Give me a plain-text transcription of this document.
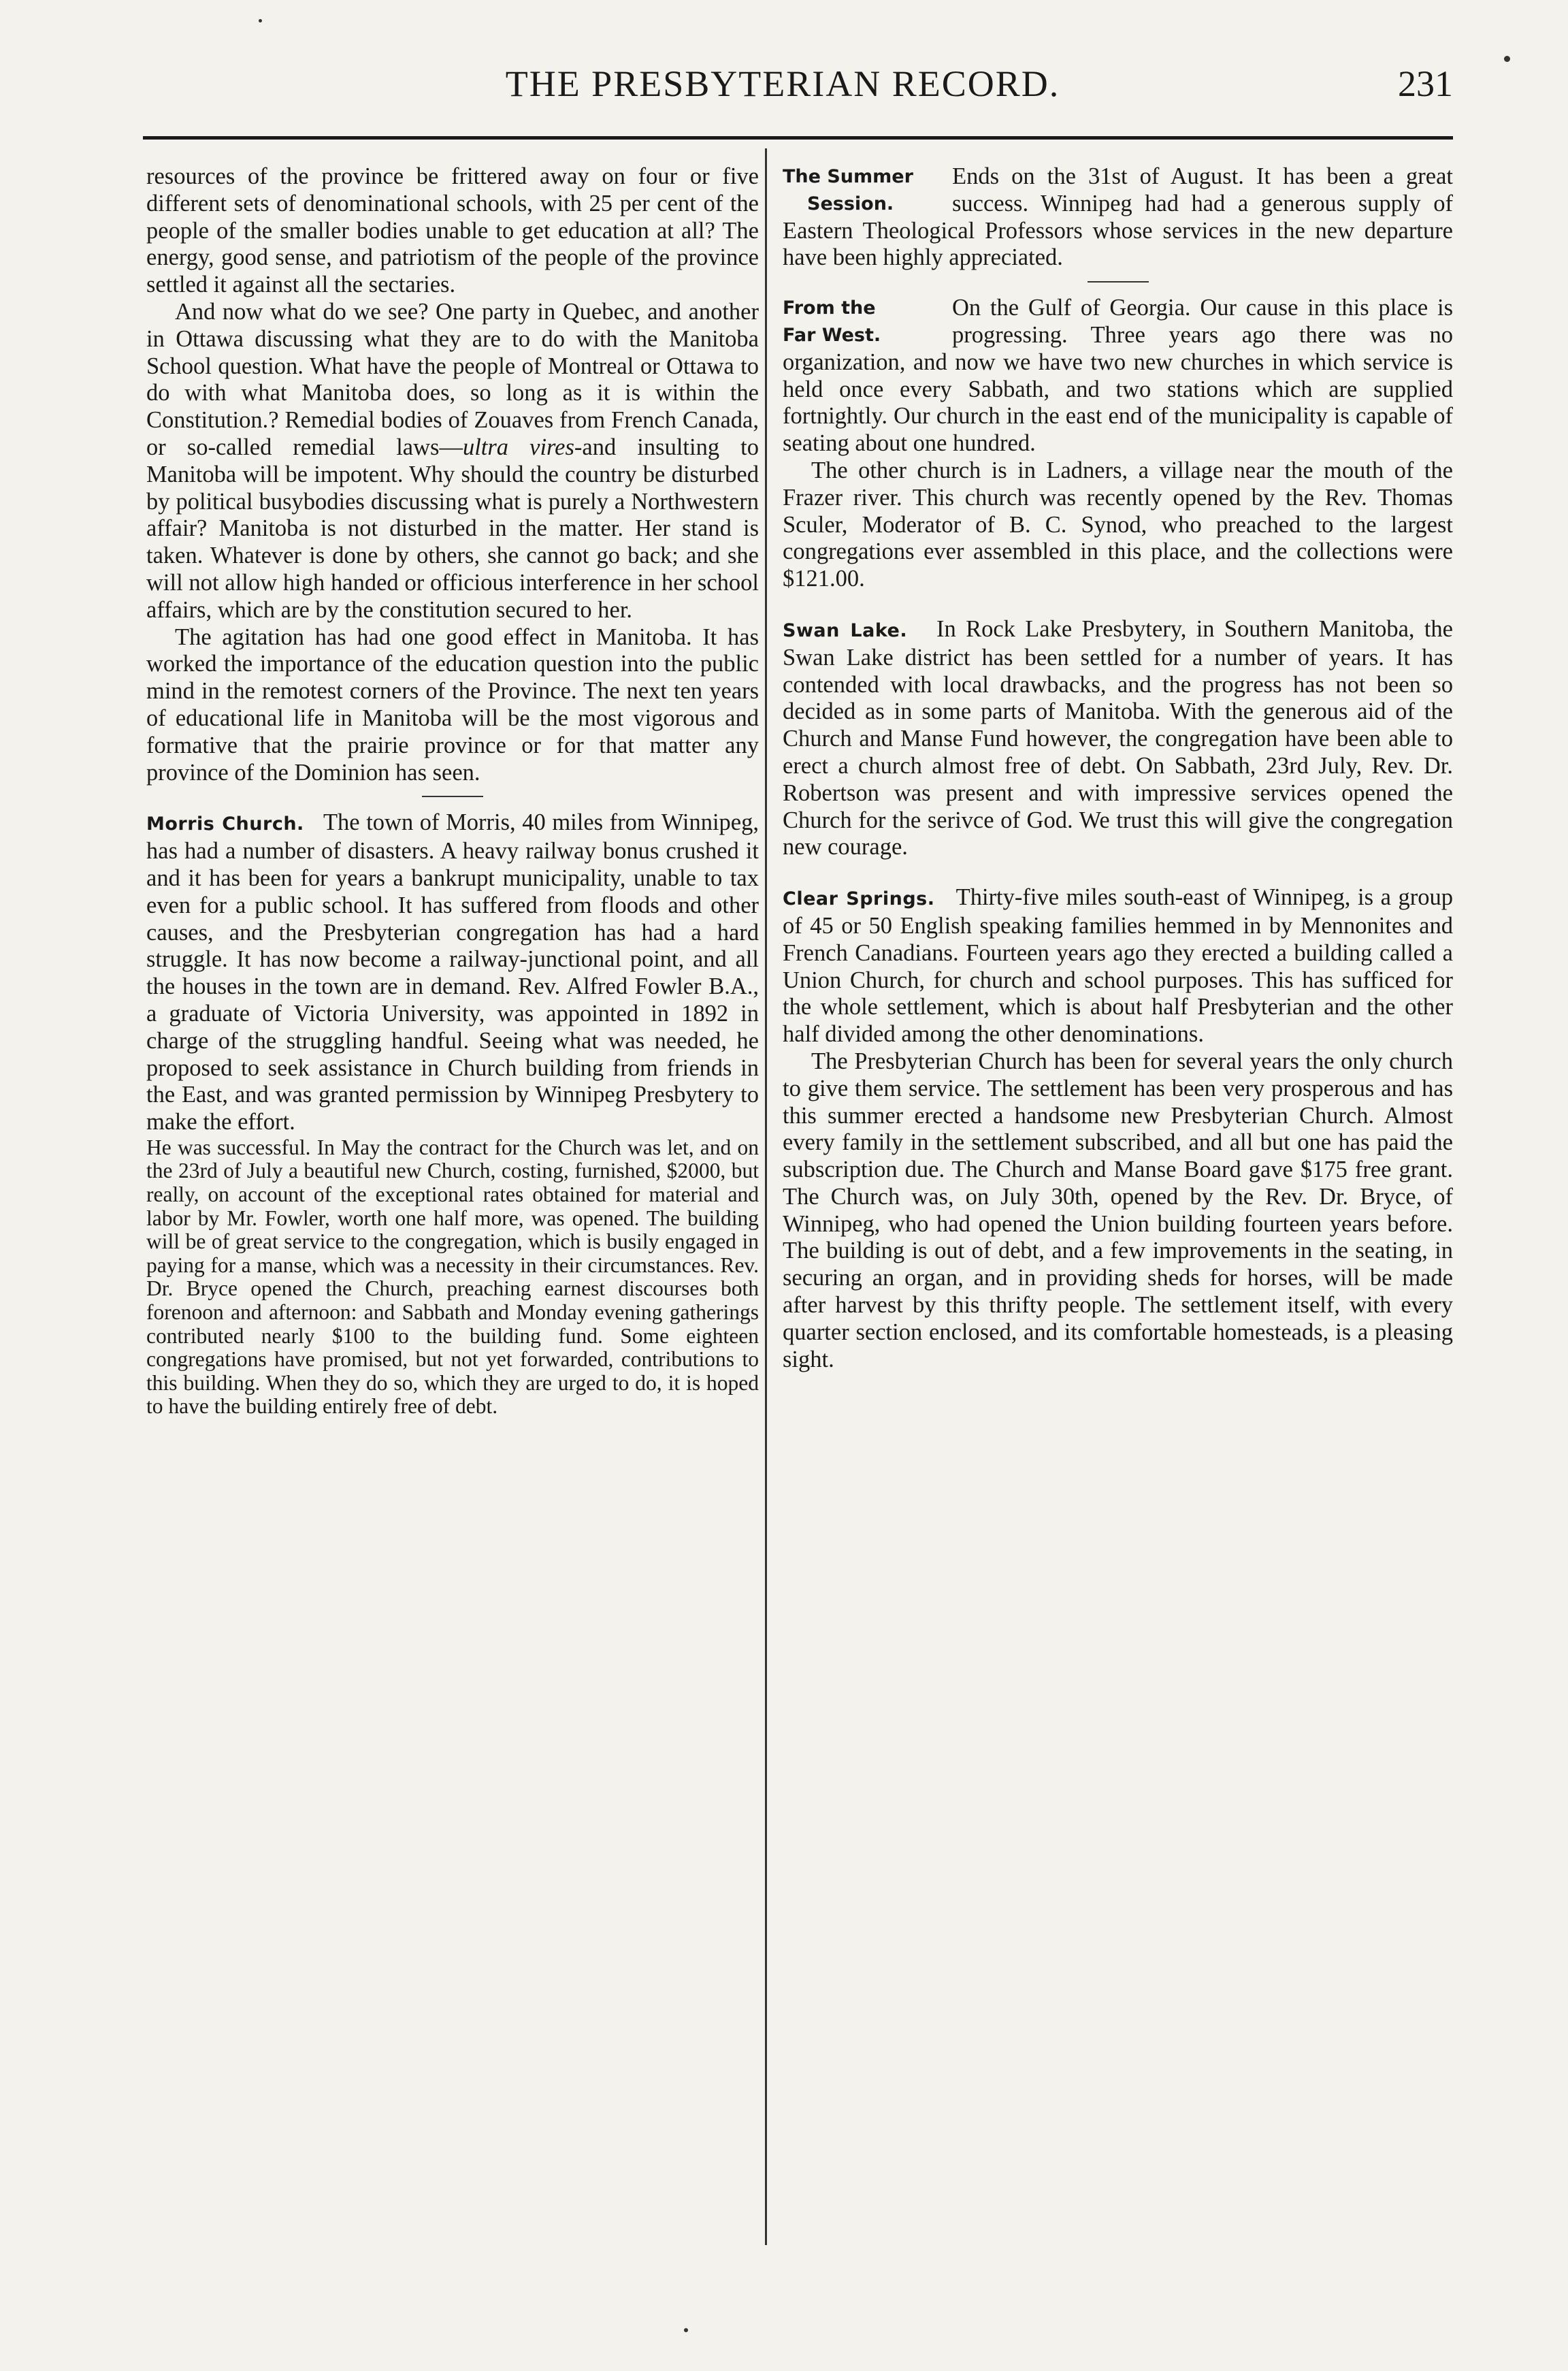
THE PRESBYTERIAN RECORD.	231

resources of the province be frittered away on four or five different sets of denominational schools, with 25 per cent of the people of the smaller bodies unable to get education at all? The energy, good sense, and patriotism of the people of the province settled it against all the sectaries.

And now what do we see? One party in Quebec, and another in Ottawa discussing what they are to do with the Manitoba School question. What have the people of Montreal or Ottawa to do with what Manitoba does, so long as it is within the Constitution.? Remedial bodies of Zouaves from French Canada, or so-called remedial laws—ultra vires-and insulting to Manitoba will be impotent. Why should the country be disturbed by political busybodies discussing what is purely a Northwestern affair? Manitoba is not disturbed in the matter. Her stand is taken. Whatever is done by others, she cannot go back; and she will not allow high handed or officious interference in her school affairs, which are by the constitution secured to her.

The agitation has had one good effect in Manitoba. It has worked the importance of the education question into the public mind in the remotest corners of the Province. The next ten years of educational life in Manitoba will be the most vigorous and formative that the prairie province or for that matter any province of the Dominion has seen.

Morris Church. The town of Morris, 40 miles from Winnipeg, has had a number of disasters. A heavy railway bonus crushed it and it has been for years a bankrupt municipality, unable to tax even for a public school. It has suffered from floods and other causes, and the Presbyterian congregation has had a hard struggle. It has now become a railway-junctional point, and all the houses in the town are in demand. Rev. Alfred Fowler B.A., a graduate of Victoria University, was appointed in 1892 in charge of the struggling handful. Seeing what was needed, he proposed to seek assistance in Church building from friends in the East, and was granted permission by Winnipeg Presbytery to make the effort.

He was successful. In May the contract for the Church was let, and on the 23rd of July a beautiful new Church, costing, furnished, $2000, but really, on account of the exceptional rates obtained for material and labor by Mr. Fowler, worth one half more, was opened. The building will be of great service to the congregation, which is busily engaged in paying for a manse, which was a necessity in their circumstances. Rev. Dr. Bryce opened the Church, preaching earnest discourses both forenoon and afternoon: and Sabbath and Monday evening gatherings contributed nearly $100 to the building fund. Some eighteen congregations have promised, but not yet forwarded, contributions to this building. When they do so, which they are urged to do, it is hoped to have the building entirely free of debt.

The Summer
Session.

Ends on the 31st of August. It has been a great success. Winnipeg had had a generous supply of Eastern Theological Professors whose services in the new departure have been highly appreciated.

From the
Far West.

On the Gulf of Georgia. Our cause in this place is progressing. Three years ago there was no organization, and now we have two new churches in which service is held once every Sabbath, and two stations which are supplied fortnightly. Our church in the east end of the municipality is capable of seating about one hundred.

The other church is in Ladners, a village near the mouth of the Frazer river. This church was recently opened by the Rev. Thomas Sculer, Moderator of B. C. Synod, who preached to the largest congregations ever assembled in this place, and the collections were $121.00.

Swan Lake. In Rock Lake Presbytery, in Southern Manitoba, the Swan Lake district has been settled for a number of years. It has contended with local drawbacks, and the progress has not been so decided as in some parts of Manitoba. With the generous aid of the Church and Manse Fund however, the congregation have been able to erect a church almost free of debt. On Sabbath, 23rd July, Rev. Dr. Robertson was present and with impressive services opened the Church for the serivce of God. We trust this will give the congregation new courage.

Clear Springs. Thirty-five miles south-east of Winnipeg, is a group of 45 or 50 English speaking families hemmed in by Mennonites and French Canadians. Fourteen years ago they erected a building called a Union Church, for church and school purposes. This has sufficed for the whole settlement, which is about half Presbyterian and the other half divided among the other denominations.

The Presbyterian Church has been for several years the only church to give them service. The settlement has been very prosperous and has this summer erected a handsome new Presbyterian Church. Almost every family in the settlement subscribed, and all but one has paid the subscription due. The Church and Manse Board gave $175 free grant. The Church was, on July 30th, opened by the Rev. Dr. Bryce, of Winnipeg, who had opened the Union building fourteen years before. The building is out of debt, and a few improvements in the seating, in securing an organ, and in providing sheds for horses, will be made after harvest by this thrifty people. The settlement itself, with every quarter section enclosed, and its comfortable homesteads, is a pleasing sight.
